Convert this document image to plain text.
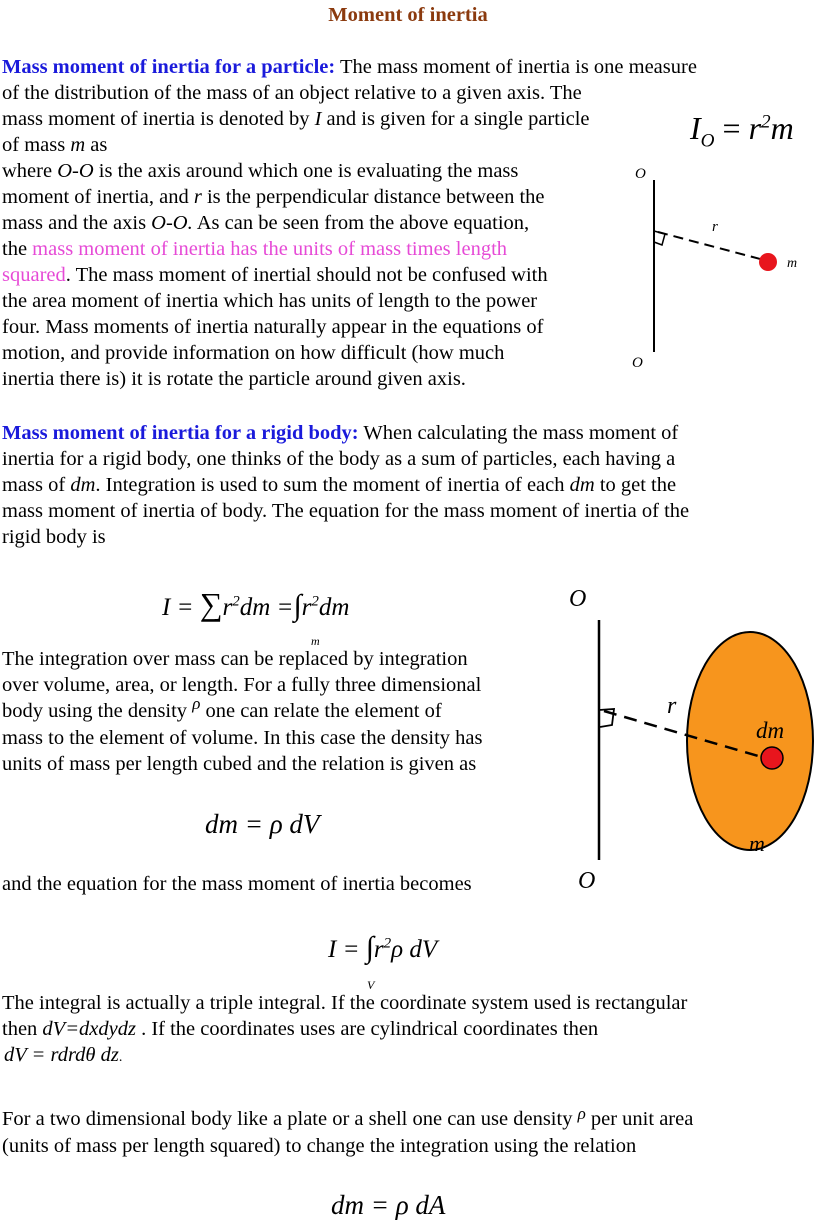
Moment of inertia
Mass moment of inertia for a particle: The mass moment of inertia is one measure
of the distribution of the mass of an object relative to a given axis. The
mass moment of inertia is denoted by I and is given for a single particle
of mass m as
where O-O is the axis around which one is evaluating the mass
moment of inertia, and r is the perpendicular distance between the
mass and the axis O-O. As can be seen from the above equation,
the mass moment of inertia has the units of mass times length
squared. The mass moment of inertial should not be confused with
the area moment of inertia which has units of length to the power
four. Mass moments of inertia naturally appear in the equations of
motion, and provide information on how difficult (how much
inertia there is) it is rotate the particle around given axis.
$I_O = r^2m$
O
O
r
m
Mass moment of inertia for a rigid body: When calculating the mass moment of
inertia for a rigid body, one thinks of the body as a sum of particles, each having a
mass of dm. Integration is used to sum the moment of inertia of each dm to get the
mass moment of inertia of body. The equation for the mass moment of inertia of the
rigid body is
$I = \sum r^2dm =\int r^2dm$
m
The integration over mass can be replaced by integration
over volume, area, or length. For a fully three dimensional
body using the density $^\rho$ one can relate the element of
mass to the element of volume. In this case the density has
units of mass per length cubed and the relation is given as
dm = ρ dV
and the equation for the mass moment of inertia becomes
$I = \int r^2\rho$ dV
V
The integral is actually a triple integral. If the coordinate system used is rectangular
then dV=dxdydz . If the coordinates uses are cylindrical coordinates then
dV = rdrdθ dz.
For a two dimensional body like a plate or a shell one can use density $^\rho$ per unit area
(units of mass per length squared) to change the integration using the relation
dm = ρ dA
O
O
r
dm
m
